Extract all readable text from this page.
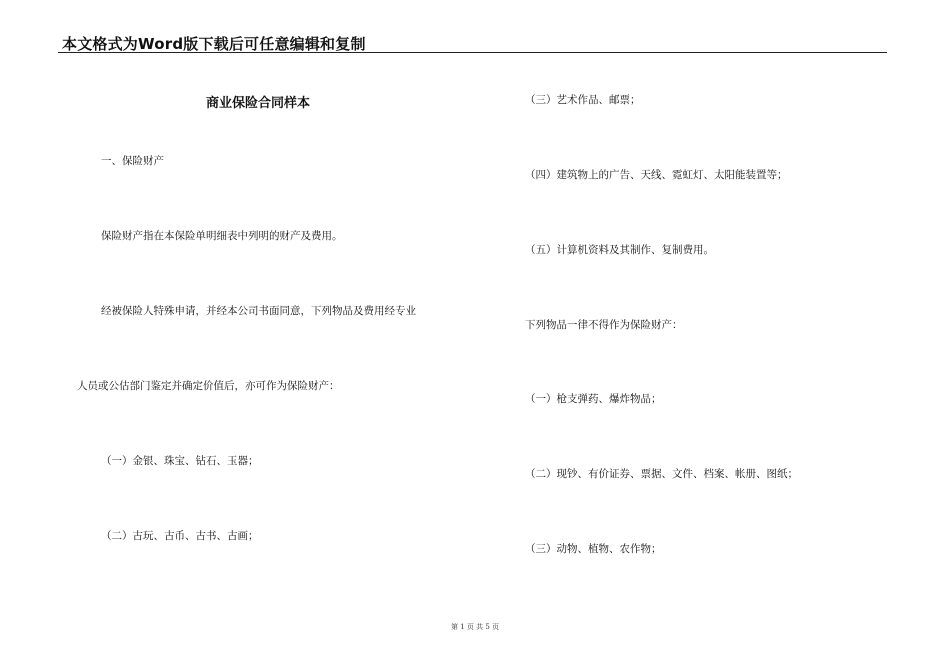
本文格式为Word版下载后可任意编辑和复制
商业保险合同样本
一、保险财产
保险财产指在本保险单明细表中列明的财产及费用。
经被保险人特殊申请，并经本公司书面同意，下列物品及费用经专业
人员或公估部门鉴定并确定价值后，亦可作为保险财产：
（一）金银、珠宝、钻石、玉器；
（二）古玩、古币、古书、古画；
（三）艺术作品、邮票；
（四）建筑物上的广告、天线、霓虹灯、太阳能装置等；
（五）计算机资料及其制作、复制费用。
下列物品一律不得作为保险财产：
（一）枪支弹药、爆炸物品；
（二）现钞、有价证券、票据、文件、档案、帐册、图纸；
（三）动物、植物、农作物；
第 1 页 共 5 页
